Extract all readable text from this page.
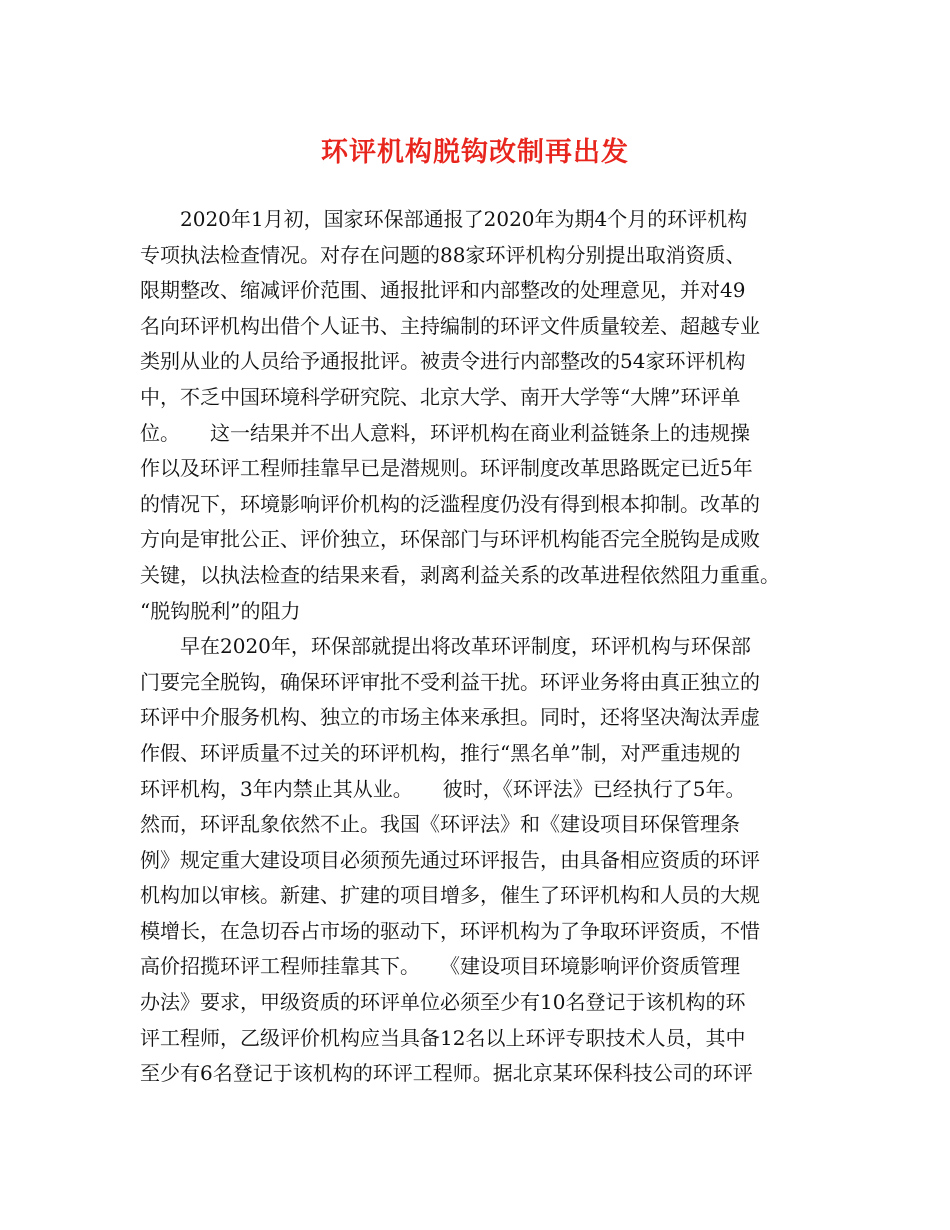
环评机构脱钩改制再出发
　　2020年1月初，国家环保部通报了2020年为期4个月的环评机构
专项执法检查情况。对存在问题的88家环评机构分别提出取消资质、
限期整改、缩减评价范围、通报批评和内部整改的处理意见，并对49
名向环评机构出借个人证书、主持编制的环评文件质量较差、超越专业
类别从业的人员给予通报批评。被责令进行内部整改的54家环评机构
中，不乏中国环境科学研究院、北京大学、南开大学等“大牌”环评单
位。　　这一结果并不出人意料，环评机构在商业利益链条上的违规操
作以及环评工程师挂靠早已是潜规则。环评制度改革思路既定已近5年
的情况下，环境影响评价机构的泛滥程度仍没有得到根本抑制。改革的
方向是审批公正、评价独立，环保部门与环评机构能否完全脱钩是成败
关键，以执法检查的结果来看，剥离利益关系的改革进程依然阻力重重。
“脱钩脱利”的阻力
　　早在2020年，环保部就提出将改革环评制度，环评机构与环保部
门要完全脱钩，确保环评审批不受利益干扰。环评业务将由真正独立的
环评中介服务机构、独立的市场主体来承担。同时，还将坚决淘汰弄虚
作假、环评质量不过关的环评机构，推行“黑名单”制，对严重违规的
环评机构，3年内禁止其从业。　　彼时，《环评法》已经执行了5年。
然而，环评乱象依然不止。我国《环评法》和《建设项目环保管理条
例》规定重大建设项目必须预先通过环评报告，由具备相应资质的环评
机构加以审核。新建、扩建的项目增多，催生了环评机构和人员的大规
模增长，在急切吞占市场的驱动下，环评机构为了争取环评资质，不惜
高价招揽环评工程师挂靠其下。　　《建设项目环境影响评价资质管理
办法》要求，甲级资质的环评单位必须至少有10名登记于该机构的环
评工程师，乙级评价机构应当具备12名以上环评专职技术人员，其中
至少有6名登记于该机构的环评工程师。据北京某环保科技公司的环评
